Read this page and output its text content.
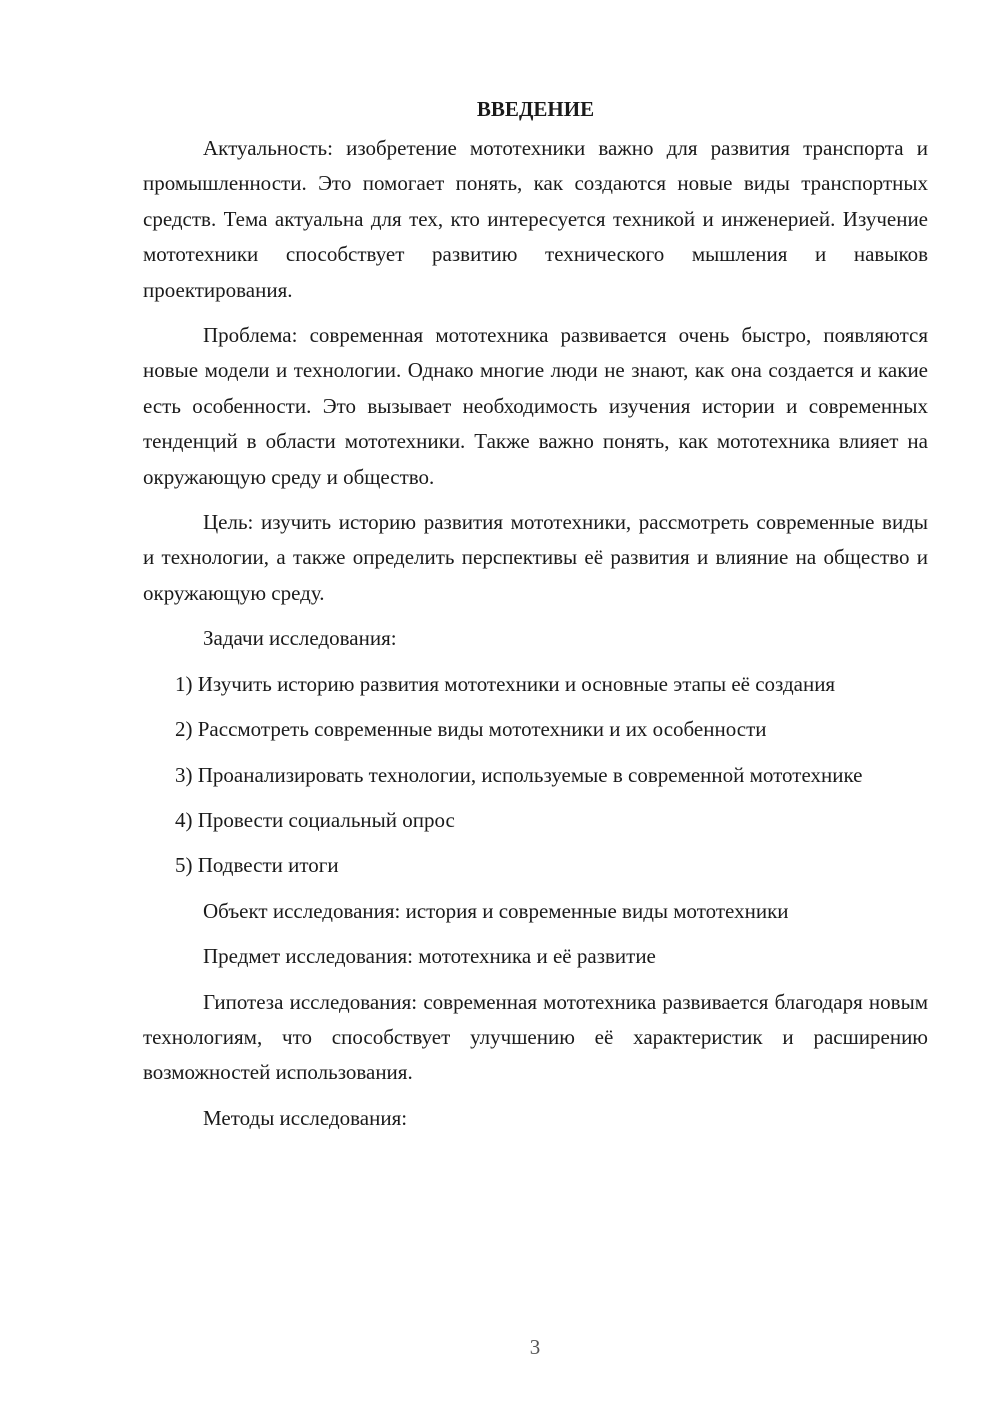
ВВЕДЕНИЕ

Актуальность: изобретение мототехники важно для развития транспорта и промышленности. Это помогает понять, как создаются новые виды транспортных средств. Тема актуальна для тех, кто интересуется техникой и инженерией. Изучение мототехники способствует развитию технического мышления и навыков проектирования.

Проблема: современная мототехника развивается очень быстро, появляются новые модели и технологии. Однако многие люди не знают, как она создается и какие есть особенности. Это вызывает необходимость изучения истории и современных тенденций в области мототехники. Также важно понять, как мототехника влияет на окружающую среду и общество.

Цель: изучить историю развития мототехники, рассмотреть современные виды и технологии, а также определить перспективы её развития и влияние на общество и окружающую среду.

Задачи исследования:

1) Изучить историю развития мототехники и основные этапы её создания

2) Рассмотреть современные виды мототехники и их особенности

3) Проанализировать технологии, используемые в современной мототехнике

4) Провести социальный опрос

5) Подвести итоги

Объект исследования: история и современные виды мототехники

Предмет исследования: мототехника и её развитие

Гипотеза исследования: современная мототехника развивается благодаря новым технологиям, что способствует улучшению её характеристик и расширению возможностей использования.

Методы исследования:

3
